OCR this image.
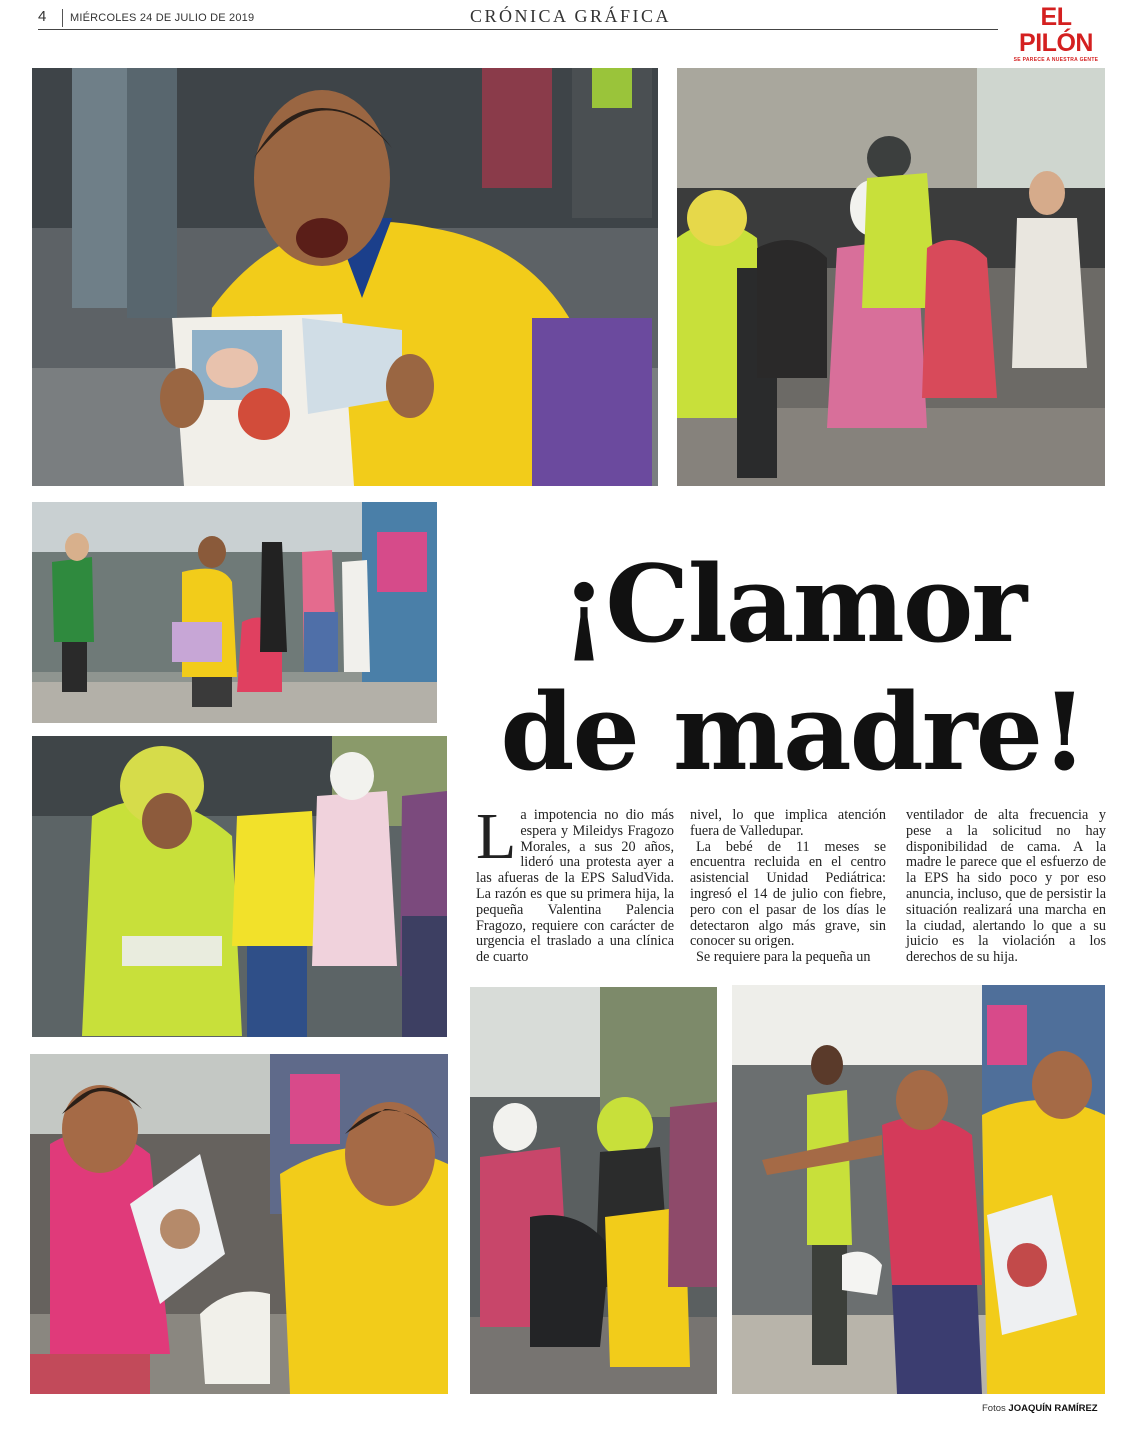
4 MIÉRCOLES 24 DE JULIO DE 2019	CRÓNICA GRÁFICA	EL PILÓN
SE PARECE A NUESTRA GENTE
¡Clamor
de madre!

La impotencia no dio más espera y Mileidys Fragozo Morales, a sus 20 años, lideró una protesta ayer a las afueras de la EPS SaludVida. La razón es que su primera hija, la pequeña Valentina Palencia Fragozo, requiere con carácter de urgencia el traslado a una clínica de cuarto

nivel, lo que implica atención fuera de Valledupar.

La bebé de 11 meses se encuentra recluida en el centro asistencial Unidad Pediátrica: ingresó el 14 de julio con fiebre, pero con el pasar de los días le detectaron algo más grave, sin conocer su origen.

Se requiere para la pequeña un

ventilador de alta frecuencia y pese a la solicitud no hay disponibilidad de cama. A la madre le parece que el esfuerzo de la EPS ha sido poco y por eso anuncia, incluso, que de persistir la situación realizará una marcha en la ciudad, alertando lo que a su juicio es la violación a los derechos de su hija.

Fotos JOAQUÍN RAMÍREZ
